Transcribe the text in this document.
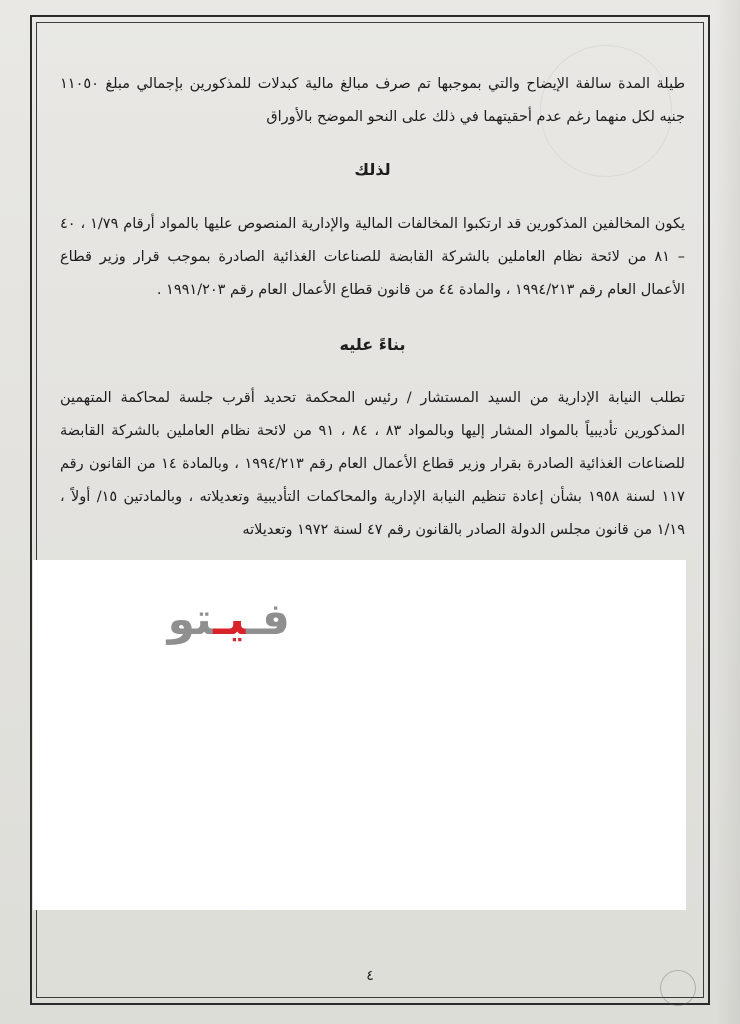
طيلة المدة سالفة الإيضاح والتي بموجبها تم صرف مبالغ مالية كبدلات للمذكورين بإجمالي مبلغ ١١٠٥٠ جنيه لكل منهما رغم عدم أحقيتهما في ذلك على النحو الموضح بالأوراق

لذلك

يكون المخالفين المذكورين قد ارتكبوا المخالفات المالية والإدارية المنصوص عليها بالمواد أرقام ١/٧٩ ، ٤٠ – ٨١ من لائحة نظام العاملين بالشركة القابضة للصناعات الغذائية الصادرة بموجب قرار وزير قطاع الأعمال العام رقم ١٩٩٤/٢١٣ ، والمادة ٤٤ من قانون قطاع الأعمال العام رقم ١٩٩١/٢٠٣ .

بناءً عليه

تطلب النيابة الإدارية من السيد المستشار / رئيس المحكمة تحديد أقرب جلسة لمحاكمة المتهمين المذكورين تأديبياً بالمواد المشار إليها وبالمواد ٨٣ ، ٨٤ ، ٩١ من لائحة نظام العاملين بالشركة القابضة للصناعات الغذائية الصادرة بقرار وزير قطاع الأعمال العام رقم ١٩٩٤/٢١٣ ، وبالمادة ١٤ من القانون رقم ١١٧ لسنة ١٩٥٨ بشأن إعادة تنظيم النيابة الإدارية والمحاكمات التأديبية وتعديلاته ، وبالمادتين ١٥/ أولاً ، ١/١٩ من قانون مجلس الدولة الصادر بالقانون رقم ٤٧ لسنة ١٩٧٢ وتعديلاته

فـيـتو
٤
